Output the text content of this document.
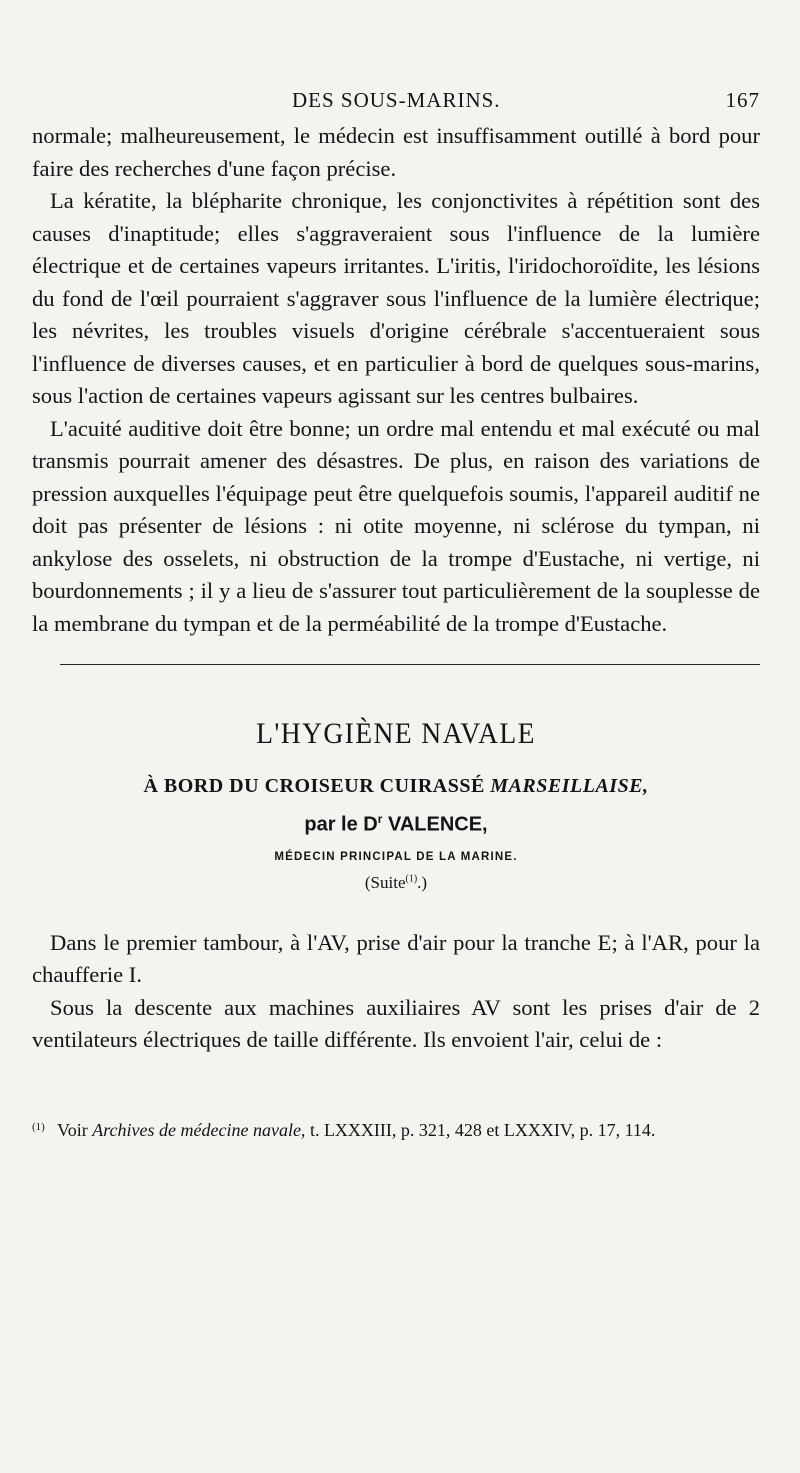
DES SOUS-MARINS.	167

normale; malheureusement, le médecin est insuffisamment outillé à bord pour faire des recherches d'une façon précise.

La kératite, la blépharite chronique, les conjonctivites à répétition sont des causes d'inaptitude; elles s'aggraveraient sous l'influence de la lumière électrique et de certaines vapeurs irritantes. L'iritis, l'iridochoroïdite, les lésions du fond de l'œil pourraient s'aggraver sous l'influence de la lumière électrique; les névrites, les troubles visuels d'origine cérébrale s'accentueraient sous l'influence de diverses causes, et en particulier à bord de quelques sous-marins, sous l'action de certaines vapeurs agissant sur les centres bulbaires.

L'acuité auditive doit être bonne; un ordre mal entendu et mal exécuté ou mal transmis pourrait amener des désastres. De plus, en raison des variations de pression auxquelles l'équipage peut être quelquefois soumis, l'appareil auditif ne doit pas présenter de lésions : ni otite moyenne, ni sclérose du tympan, ni ankylose des osselets, ni obstruction de la trompe d'Eustache, ni vertige, ni bourdonnements ; il y a lieu de s'assurer tout particulièrement de la souplesse de la membrane du tympan et de la perméabilité de la trompe d'Eustache.

L'HYGIÈNE NAVALE
À BORD DU CROISEUR CUIRASSÉ MARSEILLAISE,
par le $D^r$ VALENCE,
MÉDECIN PRINCIPAL DE LA MARINE.
(Suite$^{(1)}$.)

Dans le premier tambour, à l'AV, prise d'air pour la tranche E; à l'AR, pour la chaufferie I.

Sous la descente aux machines auxiliaires AV sont les prises d'air de 2 ventilateurs électriques de taille différente. Ils envoient l'air, celui de :

$^{(1)}$ Voir Archives de médecine navale, t. LXXXIII, p. 321, 428 et LXXXIV, p. 17, 114.
